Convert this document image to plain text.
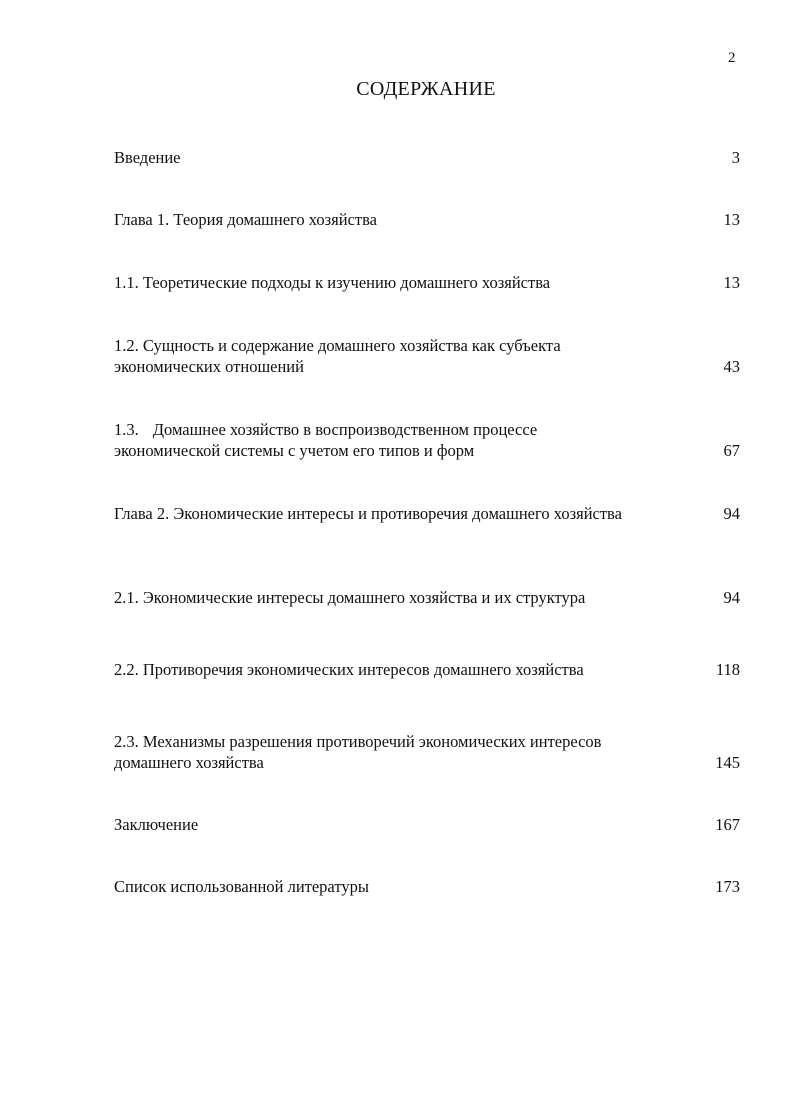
2
СОДЕРЖАНИЕ
Введение	3
Глава 1. Теория домашнего хозяйства	13
1.1. Теоретические подходы к изучению домашнего хозяйства	13
1.2. Сущность и содержание домашнего хозяйства как субъекта
экономических отношений	43
1.3. Домашнее хозяйство в воспроизводственном процессе
экономической системы с учетом его типов и форм	67
Глава 2. Экономические интересы и противоречия домашнего хозяйства	94
2.1. Экономические интересы домашнего хозяйства и их структура	94
2.2. Противоречия экономических интересов домашнего хозяйства	118
2.3. Механизмы разрешения противоречий экономических интересов
домашнего хозяйства	145
Заключение	167
Список использованной литературы	173
